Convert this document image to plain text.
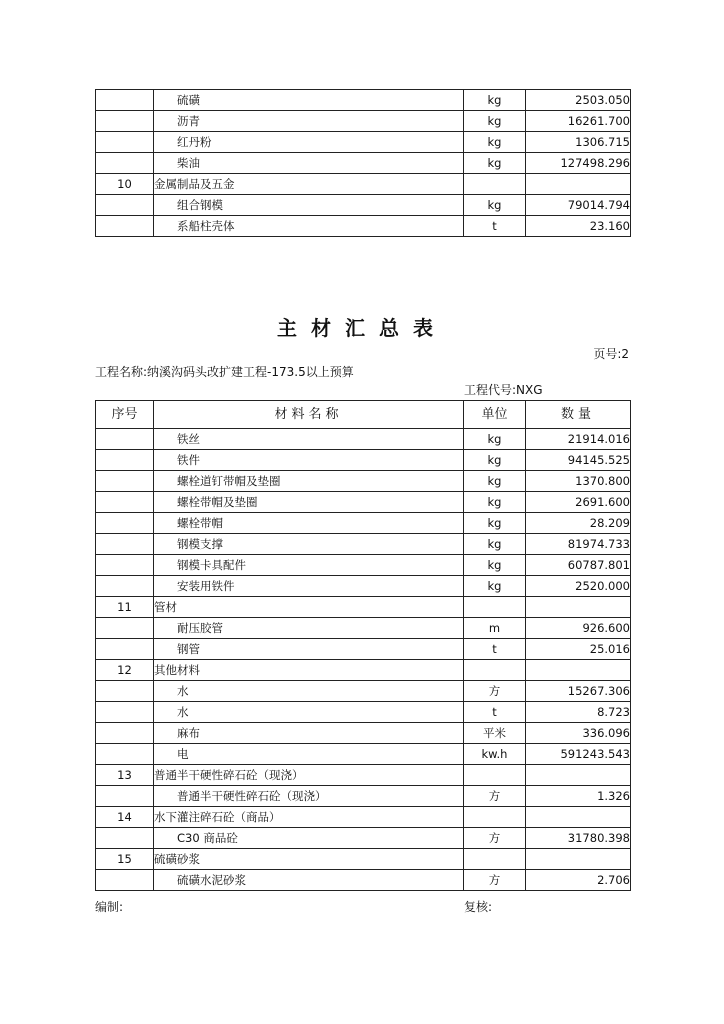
	硫磺	kg	2503.050
	沥青	kg	16261.700
	红丹粉	kg	1306.715
	柴油	kg	127498.296
10	金属制品及五金		
	组合钢模	kg	79014.794
	系船柱壳体	t	23.160
主材汇总表
页号:2
工程名称:纳溪沟码头改扩建工程-173.5以上预算
工程代号:NXG
序号	材料名称	单位	数量
	铁丝	kg	21914.016
	铁件	kg	94145.525
	螺栓道钉带帽及垫圈	kg	1370.800
	螺栓带帽及垫圈	kg	2691.600
	螺栓带帽	kg	28.209
	钢模支撑	kg	81974.733
	钢模卡具配件	kg	60787.801
	安装用铁件	kg	2520.000
11	管材		
	耐压胶管	m	926.600
	钢管	t	25.016
12	其他材料		
	水	方	15267.306
	水	t	8.723
	麻布	平米	336.096
	电	kw.h	591243.543
13	普通半干硬性碎石砼（现浇）		
	普通半干硬性碎石砼（现浇）	方	1.326
14	水下灌注碎石砼（商品）		
	C30 商品砼	方	31780.398
15	硫磺砂浆		
	硫磺水泥砂浆	方	2.706
编制:	复核:
